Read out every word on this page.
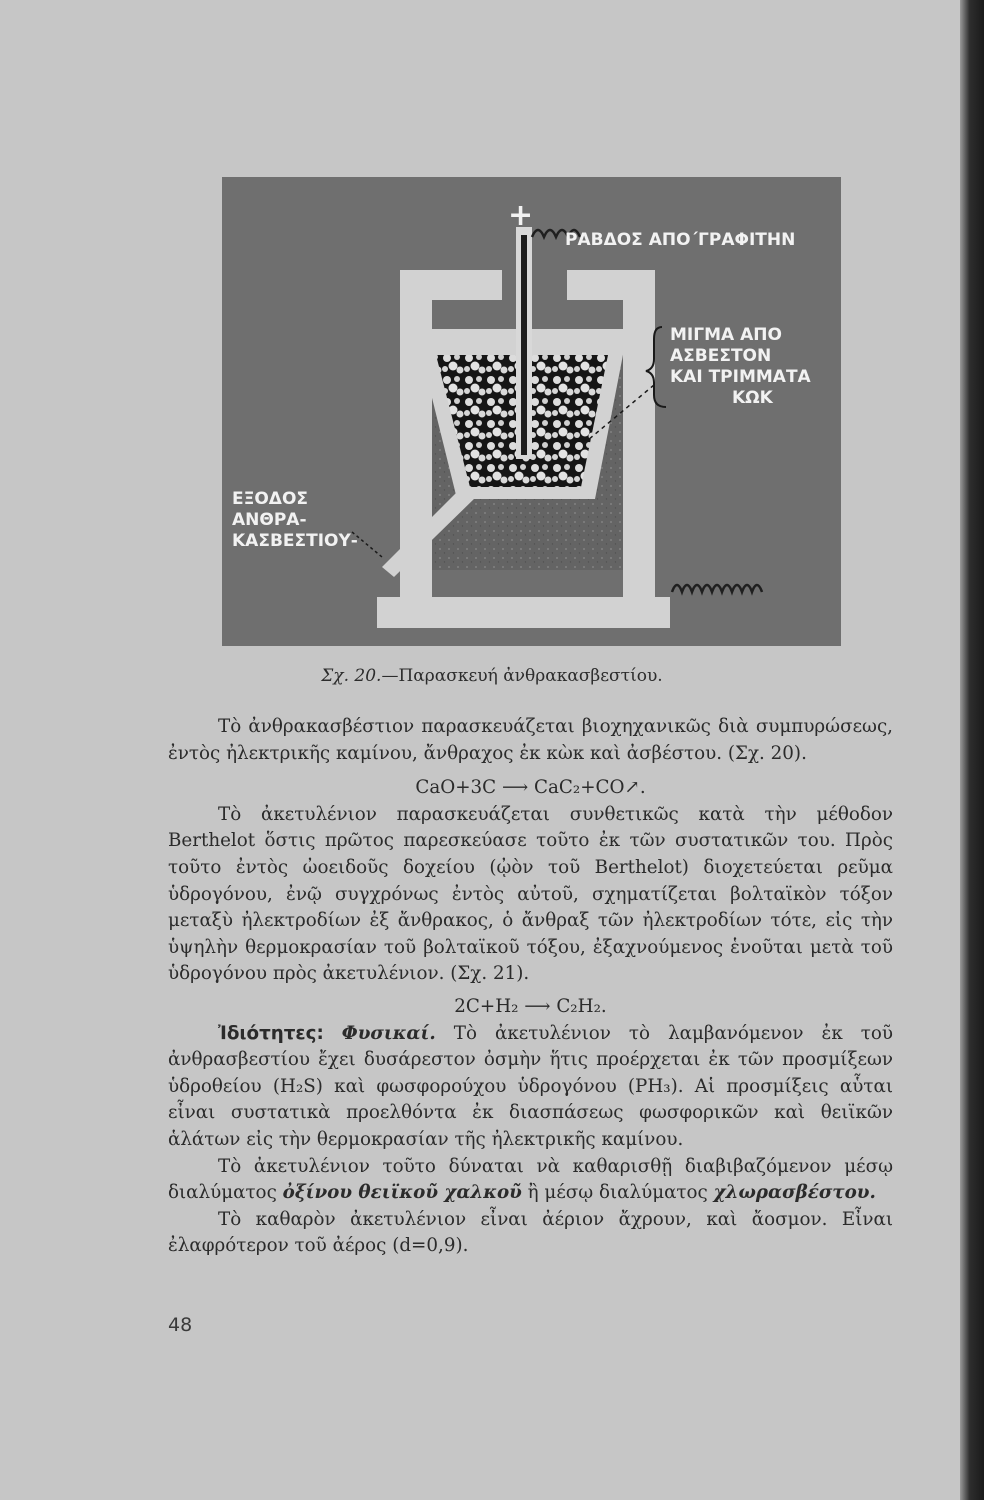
+
ΡΑΒΔΟΣ ΑΠΟ΄ΓΡΑΦΙΤΗΝ
ΜΙΓΜΑ ΑΠΟ
ΑΣΒΕΣΤΟΝ
ΚΑΙ ΤΡΙΜΜΑΤΑ
ΚΩΚ
ΕΞΟΔΟΣ
ΑΝΘΡΑ-
ΚΑΣΒΕΣΤΙΟΥ-
Σχ. 20.—Παρασκευή ἀνθρακασβεστίου.

Τὸ ἀνθρακασβέστιον παρασκευάζεται βιοχηχανικῶς διὰ συμπυρώσεως, ἐντὸς ἠλεκτρικῆς καμίνου, ἄνθραχος ἐκ κὼκ καὶ ἀσβέστου. (Σχ. 20).

CaO+3C ⟶ CaC₂+CO↗.

Τὸ ἀκετυλένιον παρασκευάζεται συνθετικῶς κατὰ τὴν μέθοδον Berthelot ὅστις πρῶτος παρεσκεύασε τοῦτο ἐκ τῶν συστατικῶν του. Πρὸς τοῦτο ἐντὸς ὠοειδοῦς δοχείου (ᾠὸν τοῦ Berthelot) διοχετεύεται ρεῦμα ὑδρογόνου, ἐνῷ συγχρόνως ἐντὸς αὐτοῦ, σχηματίζεται βολταϊκὸν τόξον μεταξὺ ἠλεκτροδίων ἐξ ἄνθρακος, ὁ ἄνθραξ τῶν ἠλεκτροδίων τότε, εἰς τὴν ὑψηλὴν θερμοκρασίαν τοῦ βολταϊκοῦ τόξου, ἐξαχνούμενος ἑνοῦται μετὰ τοῦ ὑδρογόνου πρὸς ἀκετυλένιον. (Σχ. 21).

2C+H₂ ⟶ C₂H₂.

Ἰδιότητες: Φυσικαί. Τὸ ἀκετυλένιον τὸ λαμβανόμενον ἐκ τοῦ ἀνθρασβεστίου ἔχει δυσάρεστον ὀσμὴν ἥτις προέρχεται ἐκ τῶν προσμίξεων ὑδροθείου (H₂S) καὶ φωσφορούχου ὑδρογόνου (PH₃). Αἱ προσμίξεις αὗται εἶναι συστατικὰ προελθόντα ἐκ διασπάσεως φωσφορικῶν καὶ θειϊκῶν ἁλάτων εἰς τὴν θερμοκρασίαν τῆς ἠλεκτρικῆς καμίνου.

Τὸ ἀκετυλένιον τοῦτο δύναται νὰ καθαρισθῇ διαβιβαζόμενον μέσῳ διαλύματος ὀξίνου θειϊκοῦ χαλκοῦ ἢ μέσῳ διαλύματος χλωρασβέστου.

Τὸ καθαρὸν ἀκετυλένιον εἶναι ἀέριον ἄχρουν, καὶ ἄοσμον. Εἶναι ἐλαφρότερον τοῦ ἀέρος (d=0,9).

48
